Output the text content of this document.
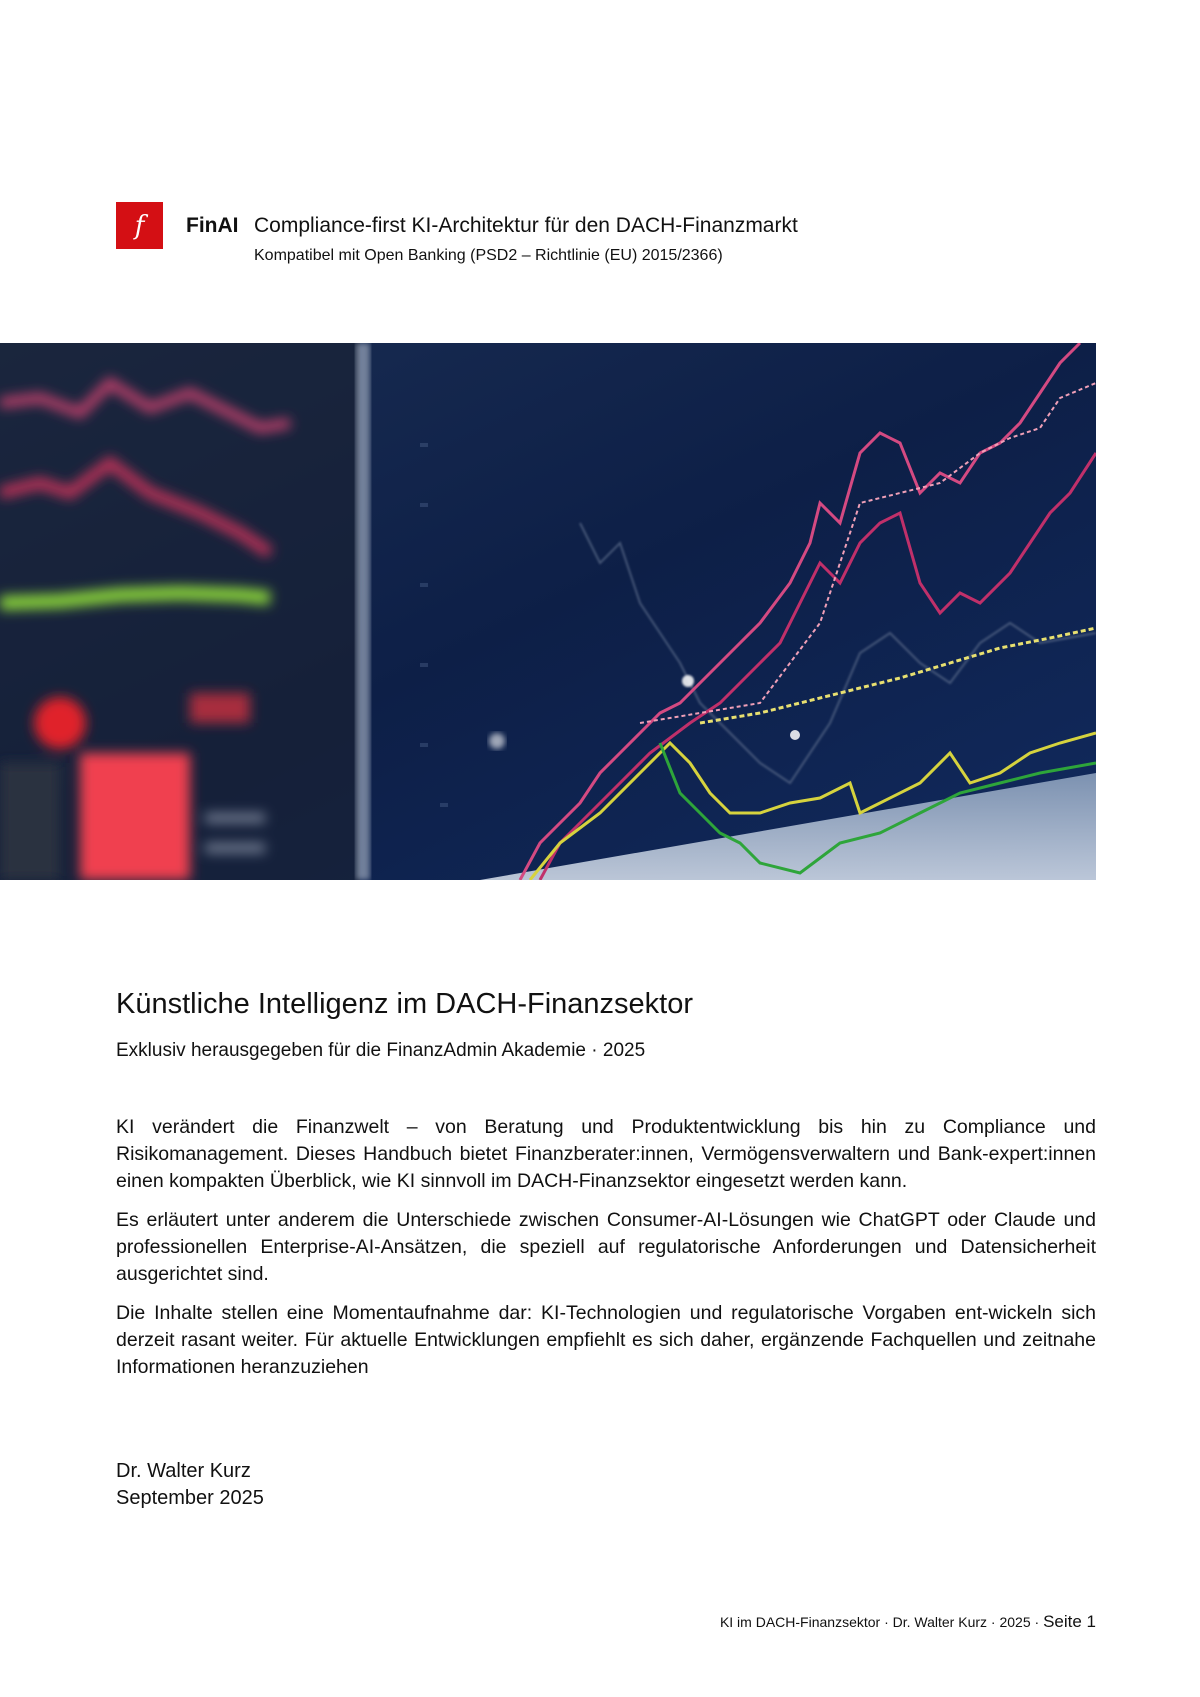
f FinAI Compliance-first KI-Architektur für den DACH-Finanzmarkt
Kompatibel mit Open Banking (PSD2 – Richtlinie (EU) 2015/2366)
Künstliche Intelligenz im DACH-Finanzsektor
Exklusiv herausgegeben für die FinanzAdmin Akademie · 2025

KI verändert die Finanzwelt – von Beratung und Produktentwicklung bis hin zu Compliance und Risikomanagement. Dieses Handbuch bietet Finanzberater:innen, Vermögensverwaltern und Bank-expert:innen einen kompakten Überblick, wie KI sinnvoll im DACH-Finanzsektor eingesetzt werden kann.

Es erläutert unter anderem die Unterschiede zwischen Consumer-AI-Lösungen wie ChatGPT oder Claude und professionellen Enterprise-AI-Ansätzen, die speziell auf regulatorische Anforderungen und Datensicherheit ausgerichtet sind.

Die Inhalte stellen eine Momentaufnahme dar: KI-Technologien und regulatorische Vorgaben ent-wickeln sich derzeit rasant weiter. Für aktuelle Entwicklungen empfiehlt es sich daher, ergänzende Fachquellen und zeitnahe Informationen heranzuziehen

Dr. Walter Kurz
September 2025
KI im DACH-Finanzsektor · Dr. Walter Kurz · 2025 · Seite 1
